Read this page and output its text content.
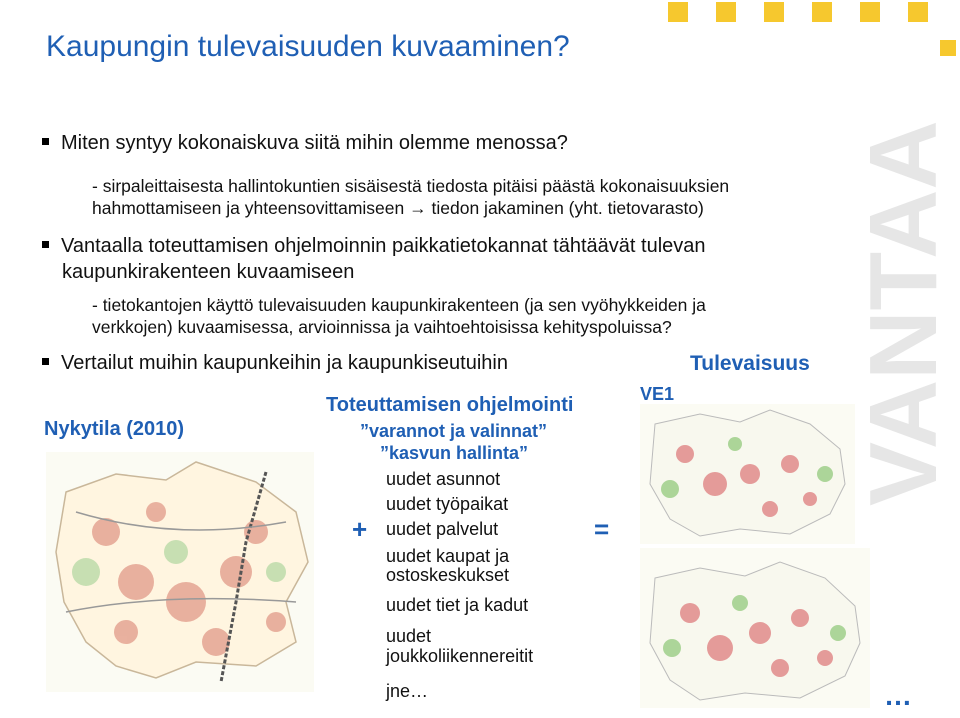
VANTAA
Kaupungin tulevaisuuden kuvaaminen?
Miten syntyy kokonaiskuva siitä mihin olemme menossa?
- sirpaleittaisesta hallintokuntien sisäisestä tiedosta pitäisi päästä kokonaisuuksien
hahmottamiseen ja yhteensovittamiseen → tiedon jakaminen (yht. tietovarasto)
Vantaalla toteuttamisen ohjelmoinnin paikkatietokannat tähtäävät tulevan
kaupunkirakenteen kuvaamiseen
- tietokantojen käyttö tulevaisuuden kaupunkirakenteen (ja sen vyöhykkeiden ja
verkkojen) kuvaamisessa, arvioinnissa ja vaihtoehtoisissa kehityspoluissa?
Vertailut muihin kaupunkeihin ja kaupunkiseutuihin	Tulevaisuus
Nykytila (2010)
Toteuttamisen ohjelmointi
”varannot ja valinnat”
”kasvun hallinta”
uudet asunnot
uudet työpaikat
uudet palvelut
uudet kaupat ja
ostoskeskukset
uudet tiet ja kadut
uudet
joukkoliikennereitit
jne…
+	=
VE1
VE2
…
